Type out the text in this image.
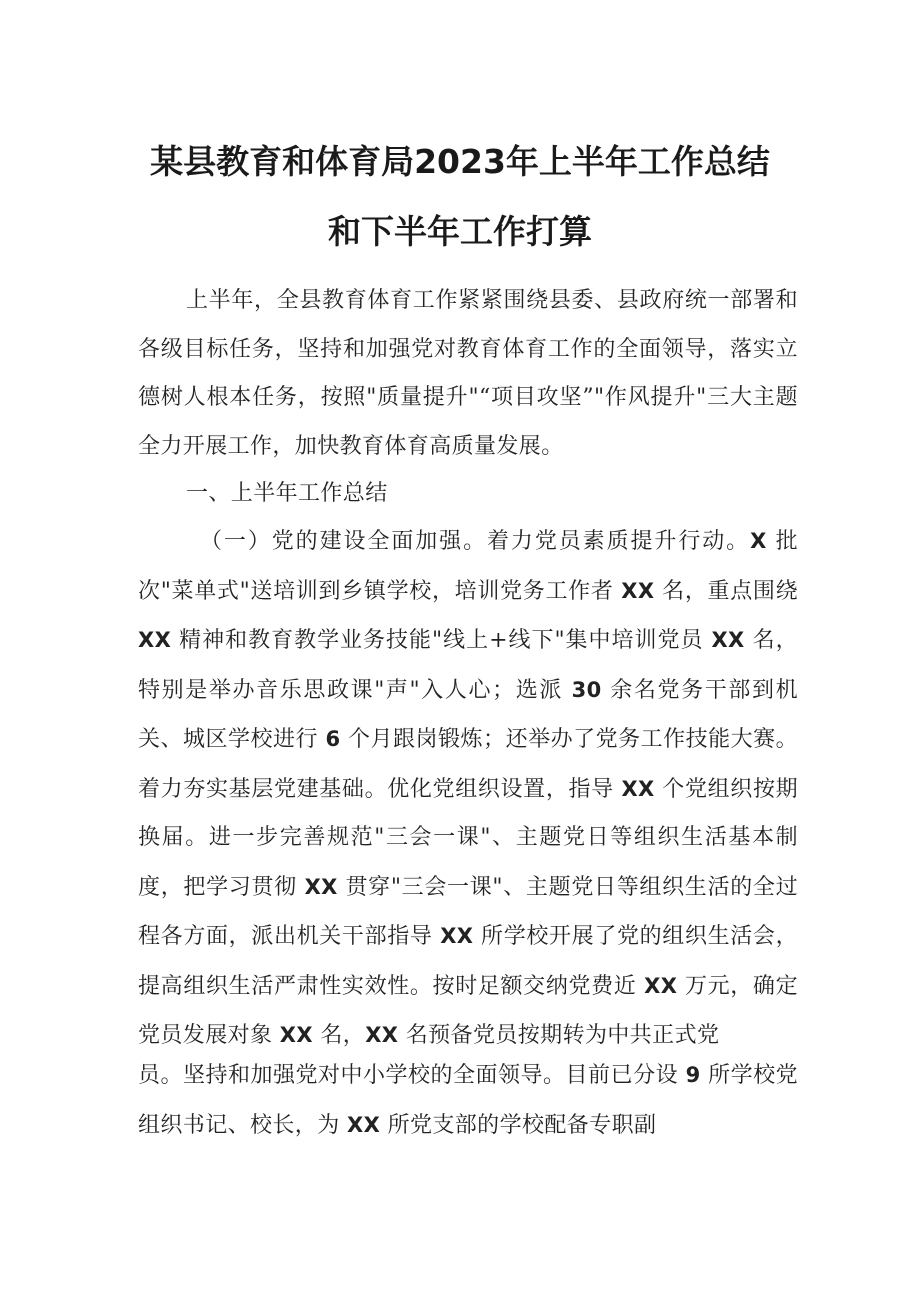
某县教育和体育局2023年上半年工作总结
和下半年工作打算
上半年，全县教育体育工作紧紧围绕县委、县政府统一部署和各级目标任务，坚持和加强党对教育体育工作的全面领导，落实立德树人根本任务，按照"质量提升"“项目攻坚”"作风提升"三大主题全力开展工作，加快教育体育高质量发展。
一、上半年工作总结
（一）党的建设全面加强。着力党员素质提升行动。X 批次"菜单式"送培训到乡镇学校，培训党务工作者 XX 名，重点围绕 XX 精神和教育教学业务技能"线上+线下"集中培训党员 XX 名，特别是举办音乐思政课"声"入人心；选派 30 余名党务干部到机关、城区学校进行 6 个月跟岗锻炼；还举办了党务工作技能大赛。着力夯实基层党建基础。优化党组织设置，指导 XX 个党组织按期换届。进一步完善规范"三会一课"、主题党日等组织生活基本制度，把学习贯彻 XX 贯穿"三会一课"、主题党日等组织生活的全过程各方面，派出机关干部指导 XX 所学校开展了党的组织生活会，提高组织生活严肃性实效性。按时足额交纳党费近 XX 万元，确定党员发展对象 XX 名，XX 名预备党员按期转为中共正式党
员。坚持和加强党对中小学校的全面领导。目前已分设 9 所学校党组织书记、校长，为 XX 所党支部的学校配备专职副
